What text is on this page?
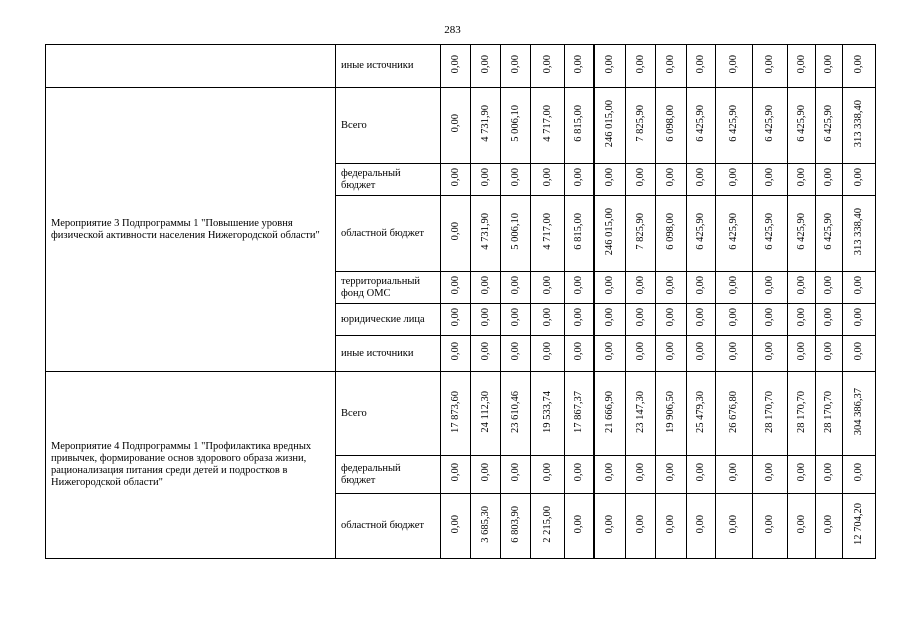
283
	иные источники	0,00	0,00	0,00	0,00	0,00	0,00	0,00	0,00	0,00	0,00	0,00	0,00	0,00	0,00
Мероприятие 3 Подпрограммы 1 "Повышение уровня физической активности населения Нижегородской области"	Всего	0,00	4 731,90	5 006,10	4 717,00	6 815,00	246 015,00	7 825,90	6 098,00	6 425,90	6 425,90	6 425,90	6 425,90	6 425,90	313 338,40
	федеральный бюджет	0,00	0,00	0,00	0,00	0,00	0,00	0,00	0,00	0,00	0,00	0,00	0,00	0,00	0,00
	областной бюджет	0,00	4 731,90	5 006,10	4 717,00	6 815,00	246 015,00	7 825,90	6 098,00	6 425,90	6 425,90	6 425,90	6 425,90	6 425,90	313 338,40
	территориальный фонд ОМС	0,00	0,00	0,00	0,00	0,00	0,00	0,00	0,00	0,00	0,00	0,00	0,00	0,00	0,00
	юридические лица	0,00	0,00	0,00	0,00	0,00	0,00	0,00	0,00	0,00	0,00	0,00	0,00	0,00	0,00
	иные источники	0,00	0,00	0,00	0,00	0,00	0,00	0,00	0,00	0,00	0,00	0,00	0,00	0,00	0,00
Мероприятие 4 Подпрограммы 1 "Профилактика вредных привычек, формирование основ здорового образа жизни, рационализация питания среди детей и подростков в Нижегородской области"	Всего	17 873,60	24 112,30	23 610,46	19 533,74	17 867,37	21 666,90	23 147,30	19 906,50	25 479,30	26 676,80	28 170,70	28 170,70	28 170,70	304 386,37
	федеральный бюджет	0,00	0,00	0,00	0,00	0,00	0,00	0,00	0,00	0,00	0,00	0,00	0,00	0,00	0,00
	областной бюджет	0,00	3 685,30	6 803,90	2 215,00	0,00	0,00	0,00	0,00	0,00	0,00	0,00	0,00	0,00	12 704,20
